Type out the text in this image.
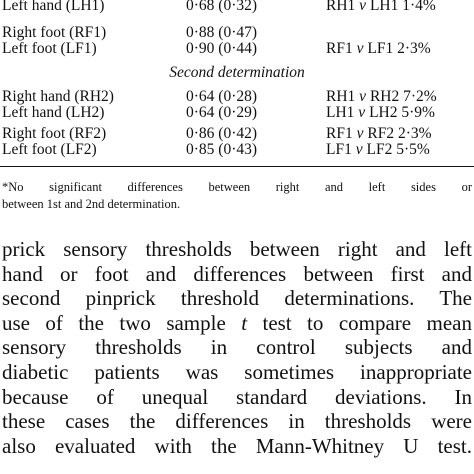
Left hand (LH1)	0·68 (0·32)	RH1 v LH1 1·4%
Right foot (RF1)	0·88 (0·47)
Left foot (LF1)	0·90 (0·44)	RF1 v LF1 2·3%
Second determination
Right hand (RH2)	0·64 (0·28)	RH1 v RH2 7·2%
Left hand (LH2)	0·64 (0·29)	LH1 v LH2 5·9%
Right foot (RF2)	0·86 (0·42)	RF1 v RF2 2·3%
Left foot (LF2)	0·85 (0·43)	LF1 v LF2 5·5%
*No significant differences between right and left sides or
between 1st and 2nd determination.
prick sensory thresholds between right and left
hand or foot and differences between first and
second pinprick threshold determinations. The
use of the two sample t test to compare mean
sensory thresholds in control subjects and
diabetic patients was sometimes inappropriate
because of unequal standard deviations. In
these cases the differences in thresholds were
also evaluated with the Mann-Whitney U test.
